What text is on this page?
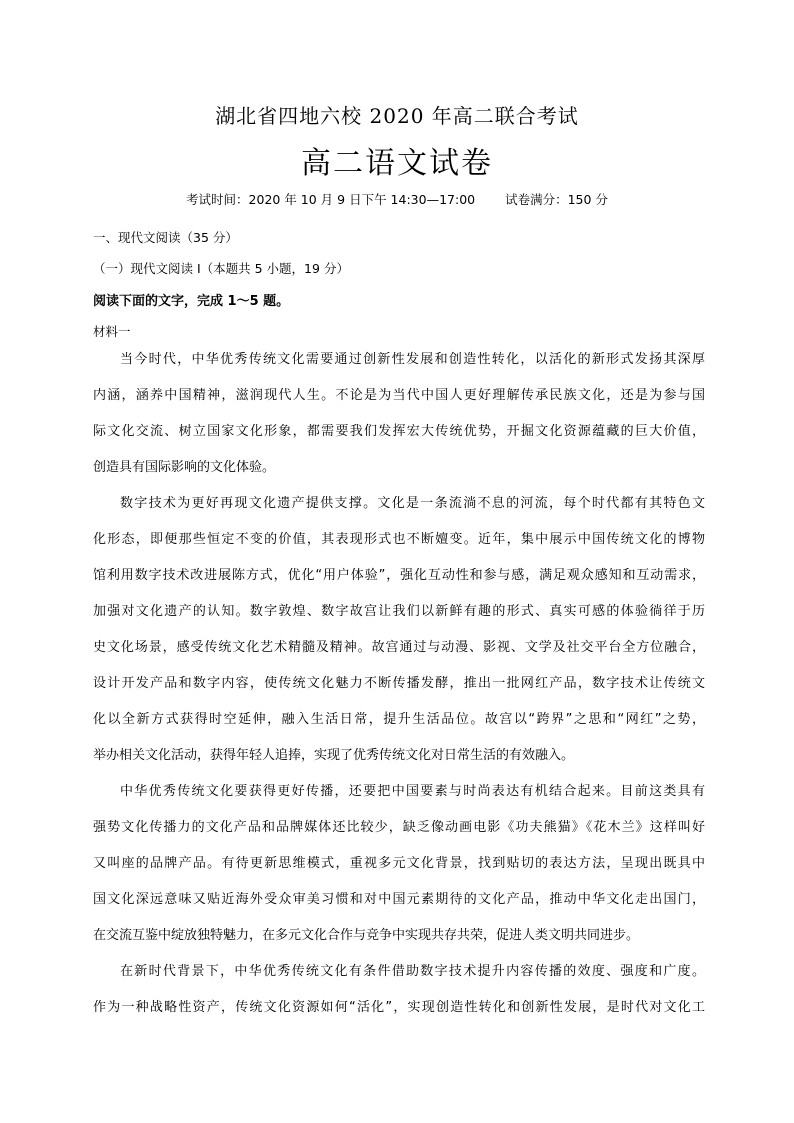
湖北省四地六校 2020 年高二联合考试
高二语文试卷
考试时间：2020 年 10 月 9 日下午 14:30—17:00 试卷满分：150 分
一、现代文阅读（35 分）
（一）现代文阅读 I（本题共 5 小题，19 分）
阅读下面的文字，完成 1～5 题。
材料一
当今时代，中华优秀传统文化需要通过创新性发展和创造性转化，以活化的新形式发扬其深厚
内涵，涵养中国精神，滋润现代人生。不论是为当代中国人更好理解传承民族文化，还是为参与国
际文化交流、树立国家文化形象，都需要我们发挥宏大传统优势，开掘文化资源蕴藏的巨大价值，
创造具有国际影响的文化体验。
数字技术为更好再现文化遗产提供支撑。文化是一条流淌不息的河流，每个时代都有其特色文
化形态，即便那些恒定不变的价值，其表现形式也不断嬗变。近年，集中展示中国传统文化的博物
馆利用数字技术改进展陈方式，优化“用户体验”，强化互动性和参与感，满足观众感知和互动需求，
加强对文化遗产的认知。数字敦煌、数字故宫让我们以新鲜有趣的形式、真实可感的体验徜徉于历
史文化场景，感受传统文化艺术精髓及精神。故宫通过与动漫、影视、文学及社交平台全方位融合，
设计开发产品和数字内容，使传统文化魅力不断传播发酵，推出一批网红产品，数字技术让传统文
化以全新方式获得时空延伸，融入生活日常，提升生活品位。故宫以“跨界”之思和“网红”之势，
举办相关文化活动，获得年轻人追捧，实现了优秀传统文化对日常生活的有效融入。
中华优秀传统文化要获得更好传播，还要把中国要素与时尚表达有机结合起来。目前这类具有
强势文化传播力的文化产品和品牌媒体还比较少，缺乏像动画电影《功夫熊猫》《花木兰》这样叫好
又叫座的品牌产品。有待更新思维模式，重视多元文化背景，找到贴切的表达方法，呈现出既具中
国文化深远意味又贴近海外受众审美习惯和对中国元素期待的文化产品，推动中华文化走出国门，
在交流互鉴中绽放独特魅力，在多元文化合作与竞争中实现共存共荣，促进人类文明共同进步。
在新时代背景下，中华优秀传统文化有条件借助数字技术提升内容传播的效度、强度和广度。
作为一种战略性资产，传统文化资源如何“活化”，实现创造性转化和创新性发展，是时代对文化工
